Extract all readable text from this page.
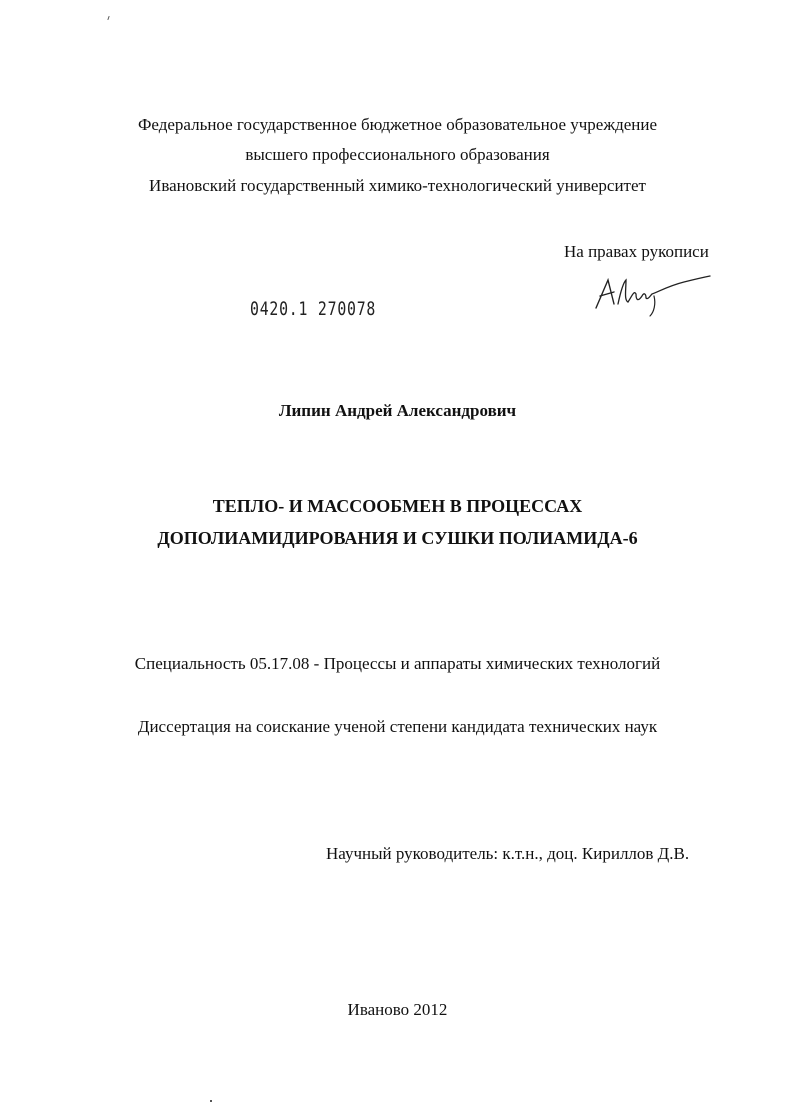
Федеральное государственное бюджетное образовательное учреждение
высшего профессионального образования
Ивановский государственный химико-технологический университет
На правах рукописи
0420.1 270078
Липин Андрей Александрович
ТЕПЛО- И МАССООБМЕН В ПРОЦЕССАХ
ДОПОЛИАМИДИРОВАНИЯ И СУШКИ ПОЛИАМИДА-6
Специальность 05.17.08 - Процессы и аппараты химических технологий
Диссертация на соискание ученой степени кандидата технических наук
Научный руководитель: к.т.н., доц. Кириллов Д.В.
Иваново 2012
